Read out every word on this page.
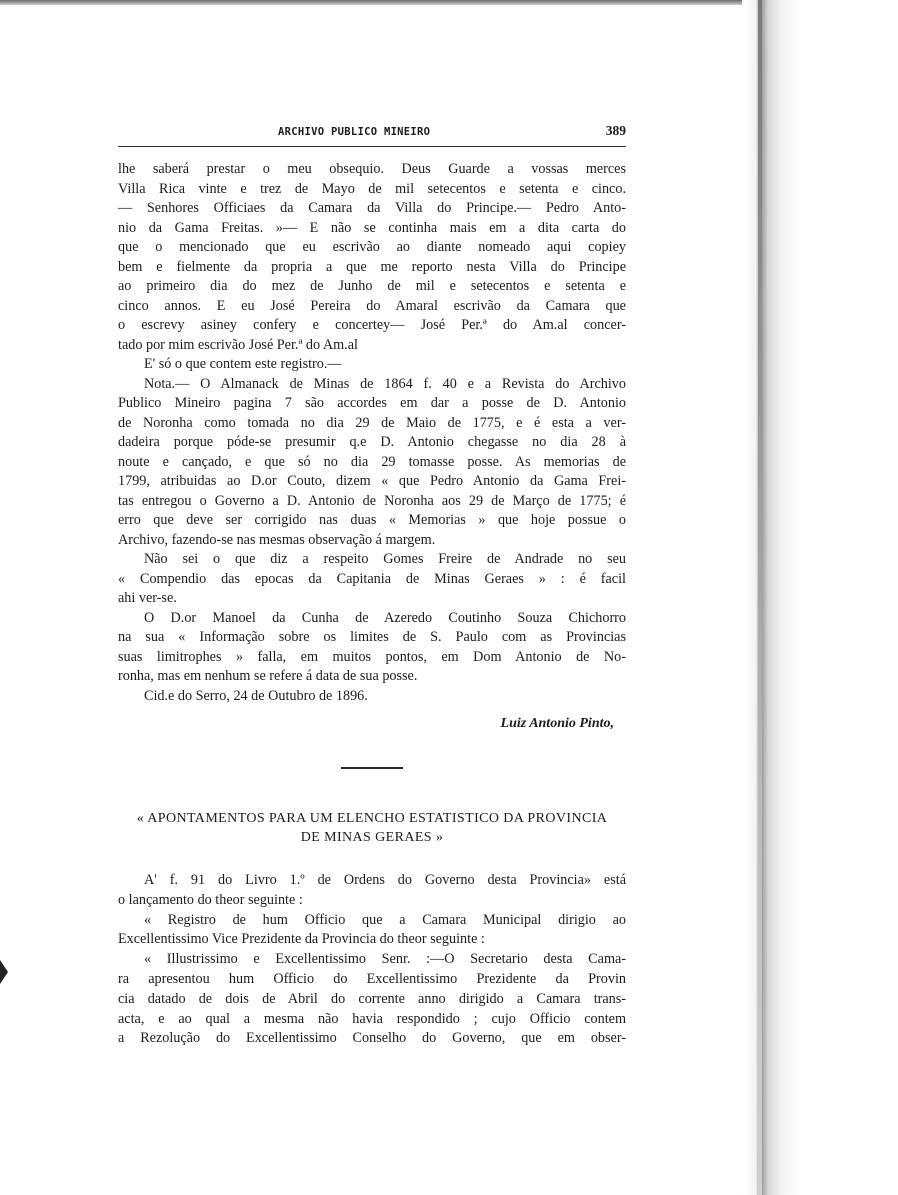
ARCHIVO PUBLICO MINEIRO	389
lhe saberá prestar o meu obsequio. Deus Guarde a vossas merces
Villa Rica vinte e trez de Mayo de mil setecentos e setenta e cinco.
— Senhores Officiaes da Camara da Villa do Principe.— Pedro Anto-
nio da Gama Freitas. »— E não se continha mais em a dita carta do
que o mencionado que eu escrivão ao diante nomeado aqui copiey
bem e fielmente da propria a que me reporto nesta Villa do Principe
ao primeiro dia do mez de Junho de mil e setecentos e setenta e
cinco annos. E eu José Pereira do Amaral escrivão da Camara que
o escrevy asiney confery e concertey— José Per.ª do Am.al concer-
tado por mim escrivão José Per.ª do Am.al
E' só o que contem este registro.—
Nota.— O Almanack de Minas de 1864 f. 40 e a Revista do Archivo
Publico Mineiro pagina 7 são accordes em dar a posse de D. Antonio
de Noronha como tomada no dia 29 de Maio de 1775, e é esta a ver-
dadeira porque póde-se presumir q.e D. Antonio chegasse no dia 28 à
noute e cançado, e que só no dia 29 tomasse posse. As memorias de
1799, atribuidas ao D.or Couto, dizem « que Pedro Antonio da Gama Frei-
tas entregou o Governo a D. Antonio de Noronha aos 29 de Março de 1775; é
erro que deve ser corrigido nas duas « Memorias » que hoje possue o
Archivo, fazendo-se nas mesmas observação á margem.
Não sei o que diz a respeito Gomes Freire de Andrade no seu
« Compendio das epocas da Capitania de Minas Geraes » : é facil
ahi ver-se.
O D.or Manoel da Cunha de Azeredo Coutinho Souza Chichorro
na sua « Informação sobre os limites de S. Paulo com as Provincias
suas limitrophes » falla, em muitos pontos, em Dom Antonio de No-
ronha, mas em nenhum se refere á data de sua posse.
Cid.e do Serro, 24 de Outubro de 1896.
Luiz Antonio Pinto,
« APONTAMENTOS PARA UM ELENCHO ESTATISTICO DA PROVINCIA
DE MINAS GERAES »
A' f. 91 do Livro 1.º de Ordens do Governo desta Provincia» está
o lançamento do theor seguinte :
« Registro de hum Officio que a Camara Municipal dirigio ao
Excellentissimo Vice Prezidente da Provincia do theor seguinte :
« Illustrissimo e Excellentissimo Senr. :—O Secretario desta Cama-
ra apresentou hum Officio do Excellentissimo Prezidente da Provin
cia datado de dois de Abril do corrente anno dirigido a Camara trans-
acta, e ao qual a mesma não havia respondido ; cujo Officio contem
a Rezolução do Excellentissimo Conselho do Governo, que em obser-
